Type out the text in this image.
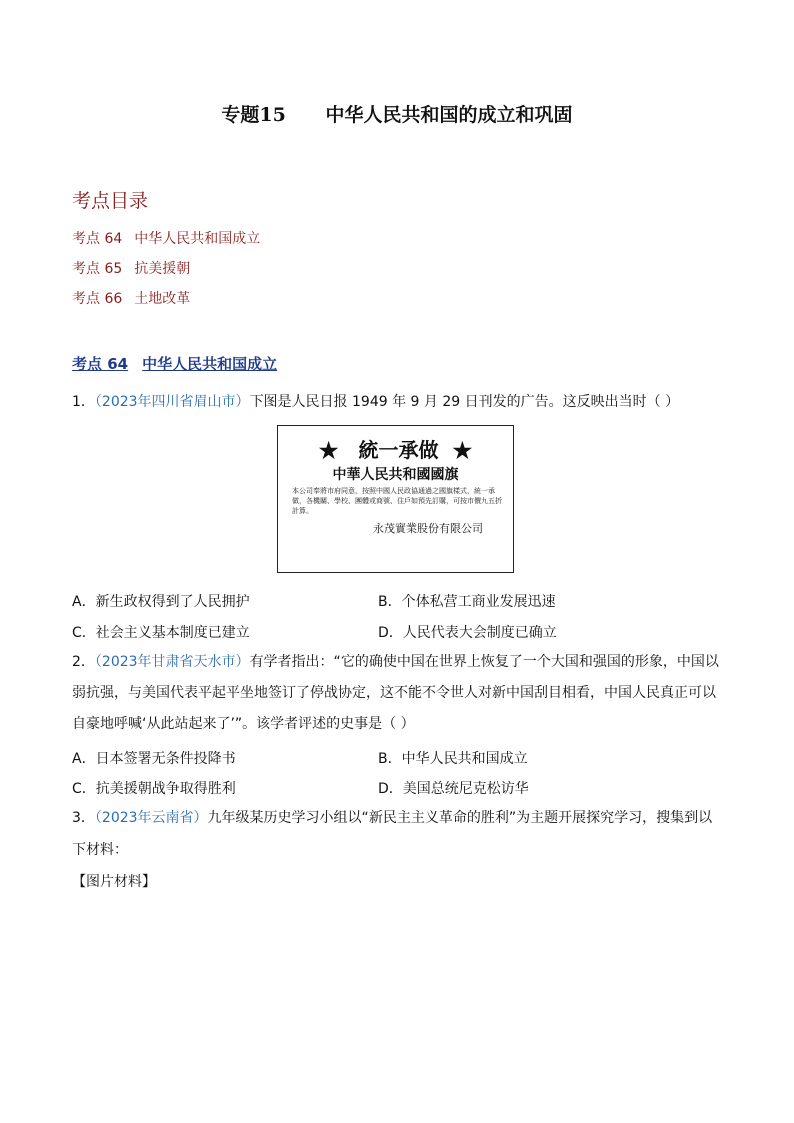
专题15      中华人民共和国的成立和巩固
考点目录
考点 64 中华人民共和国成立
考点 65 抗美援朝
考点 66 土地改革
考点 64 中华人民共和国成立
1．（2023年四川省眉山市）下图是人民日报 1949 年 9 月 29 日刊发的广告。这反映出当时（ ）
★ 統一承做 ★
中華人民共和國國旗
本公司奉將市府同意，按照中國人民政協通過之國旗樣式，統一承做，各機關、學校、團體或商號、住戶如預先訂購，可按市價九五折計算。
永茂實業股份有限公司
A．新生政权得到了人民拥护	B．个体私营工商业发展迅速
C．社会主义基本制度已建立	D．人民代表大会制度已确立
2．（2023年甘肃省天水市）有学者指出：“它的确使中国在世界上恢复了一个大国和强国的形象，中国以
弱抗强，与美国代表平起平坐地签订了停战协定，这不能不令世人对新中国刮目相看，中国人民真正可以
自豪地呼喊‘从此站起来了’”。该学者评述的史事是（ ）
A．日本签署无条件投降书	B．中华人民共和国成立
C．抗美援朝战争取得胜利	D．美国总统尼克松访华
3．（2023年云南省）九年级某历史学习小组以“新民主主义革命的胜利”为主题开展探究学习，搜集到以
下材料：
【图片材料】
